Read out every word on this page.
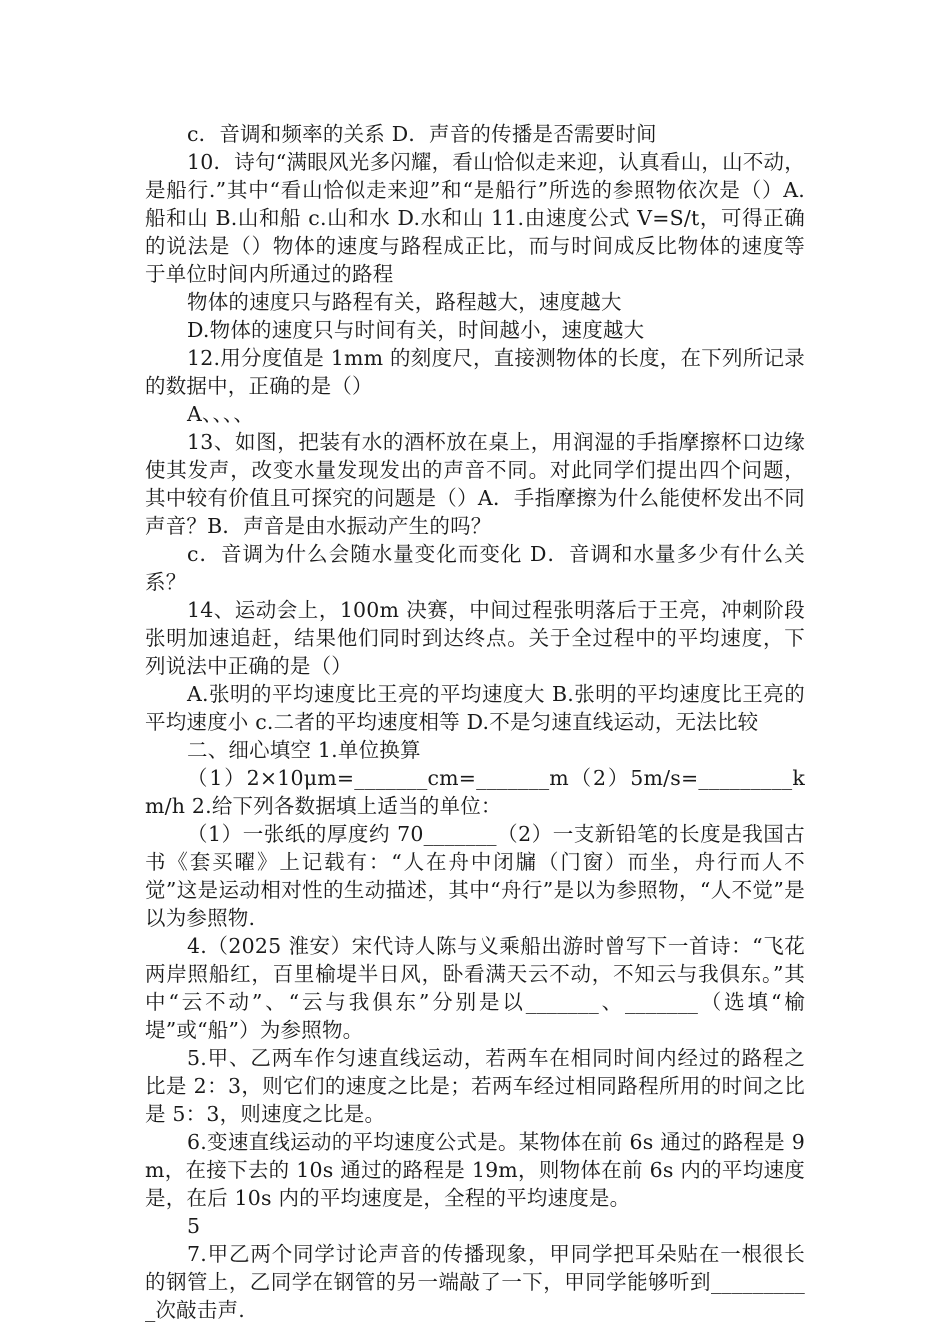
c．音调和频率的关系 D．声音的传播是否需要时间

10．诗句“满眼风光多闪耀，看山恰似走来迎，认真看山，山不动，是船行.”其中“看山恰似走来迎”和“是船行”所选的参照物依次是（）A.船和山 B.山和船 c.山和水 D.水和山 11.由速度公式 V=S/t，可得正确的说法是（）物体的速度与路程成正比，而与时间成反比物体的速度等于单位时间内所通过的路程

物体的速度只与路程有关，路程越大，速度越大

D.物体的速度只与时间有关，时间越小，速度越大

12.用分度值是 1mm 的刻度尺，直接测物体的长度，在下列所记录的数据中，正确的是（）

A、、、、

13、如图，把装有水的酒杯放在桌上，用润湿的手指摩擦杯口边缘使其发声，改变水量发现发出的声音不同。对此同学们提出四个问题，其中较有价值且可探究的问题是（）A．手指摩擦为什么能使杯发出不同声音？B．声音是由水振动产生的吗？

c．音调为什么会随水量变化而变化 D．音调和水量多少有什么关系？

14、运动会上，100m 决赛，中间过程张明落后于王亮，冲刺阶段张明加速追赶，结果他们同时到达终点。关于全过程中的平均速度，下列说法中正确的是（）

A.张明的平均速度比王亮的平均速度大 B.张明的平均速度比王亮的平均速度小 c.二者的平均速度相等 D.不是匀速直线运动，无法比较

二、细心填空 1.单位换算

（1）2×10μm=_______cm=_______m（2）5m/s=_________km/h 2.给下列各数据填上适当的单位：

（1）一张纸的厚度约 70_______（2）一支新铅笔的长度是我国古书《套买曜》上记载有：“人在舟中闭牖（门窗）而坐，舟行而人不觉”这是运动相对性的生动描述，其中“舟行”是以为参照物，“人不觉”是以为参照物.

4.（2025 淮安）宋代诗人陈与义乘船出游时曾写下一首诗：“飞花两岸照船红，百里榆堤半日风，卧看满天云不动，不知云与我俱东。”其中“云不动”、“云与我俱东”分别是以_______、_______（选填“榆堤”或“船”）为参照物。

5.甲、乙两车作匀速直线运动，若两车在相同时间内经过的路程之比是 2：3，则它们的速度之比是；若两车经过相同路程所用的时间之比是 5：3，则速度之比是。

6.变速直线运动的平均速度公式是。某物体在前 6s 通过的路程是 9m，在接下去的 10s 通过的路程是 19m，则物体在前 6s 内的平均速度是，在后 10s 内的平均速度是，全程的平均速度是。

5

7.甲乙两个同学讨论声音的传播现象，甲同学把耳朵贴在一根很长的钢管上，乙同学在钢管的另一端敲了一下，甲同学能够听到__________次敲击声.
